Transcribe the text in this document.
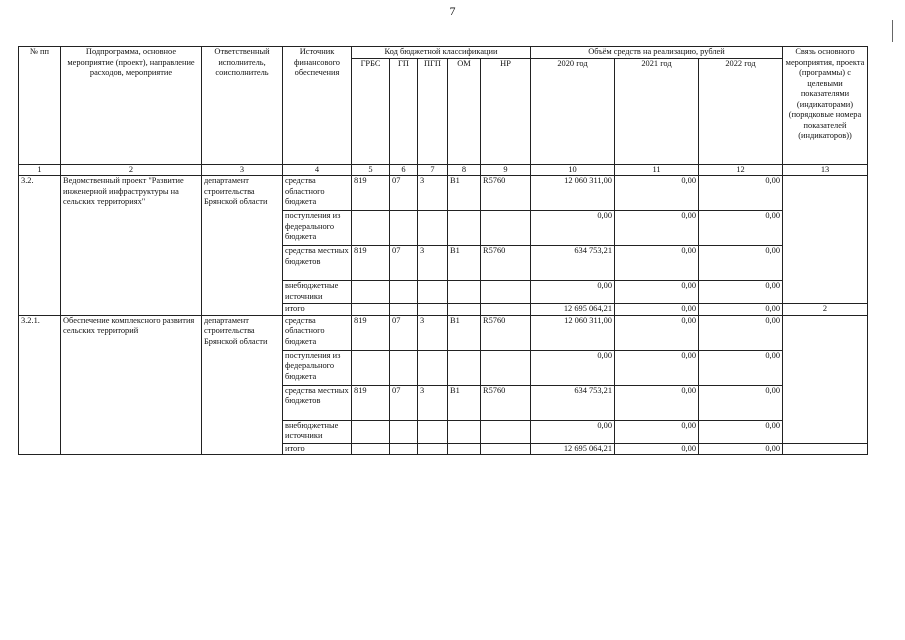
7
№ пп	Подпрограмма, основное мероприятие (проект), направление расходов, мероприятие	Ответственный исполнитель, соисполнитель	Источник финансового обеспечения	Код бюджетной классификации					Объём средств на реализацию, рублей			Связь основного мероприятия, проекта (программы) с целевыми показателями (индикаторами) (порядковые номера показателей (индикаторов))
				ГРБС	ГП	ПГП	ОМ	НР	2020 год	2021 год	2022 год	
1	2	3	4	5	6	7	8	9	10	11	12	13
3.2.	Ведомственный проект "Развитие инженерной инфраструктуры на сельских территориях"	департамент строительства Брянской области	средства областного бюджета	819	07	3	В1	R5760	12 060 311,00	0,00	0,00	
			поступления из федерального бюджета						0,00	0,00	0,00	
			средства местных бюджетов	819	07	3	В1	R5760	634 753,21	0,00	0,00	
			внебюджетные источники						0,00	0,00	0,00	
			итого						12 695 064,21	0,00	0,00	2
3.2.1.	Обеспечение комплексного развития сельских территорий	департамент строительства Брянской области	средства областного бюджета	819	07	3	В1	R5760	12 060 311,00	0,00	0,00	
			поступления из федерального бюджета						0,00	0,00	0,00	
			средства местных бюджетов	819	07	3	В1	R5760	634 753,21	0,00	0,00	
			внебюджетные источники						0,00	0,00	0,00	
			итого						12 695 064,21	0,00	0,00	
